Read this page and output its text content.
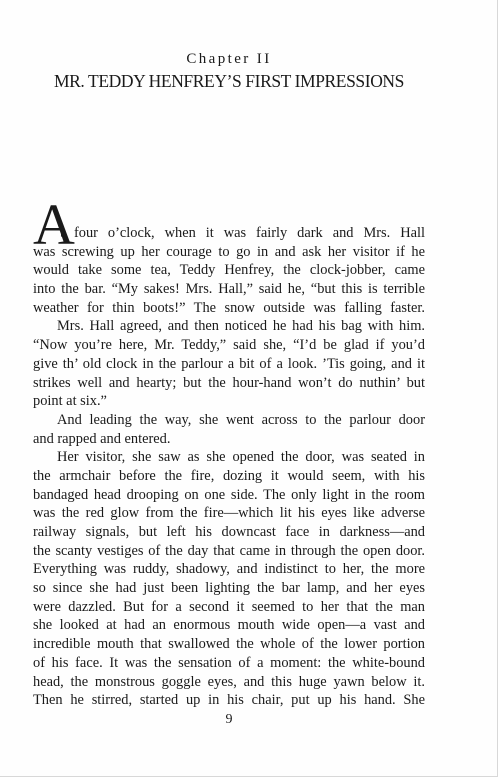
Chapter II
MR. TEDDY HENFREY’S FIRST IMPRESSIONS
A
t four o’clock, when it was fairly dark and Mrs. Hall
was screwing up her courage to go in and ask her visitor if he
would take some tea, Teddy Henfrey, the clock-jobber, came
into the bar. “My sakes! Mrs. Hall,” said he, “but this is terrible
weather for thin boots!” The snow outside was falling faster.
Mrs. Hall agreed, and then noticed he had his bag with him.
“Now you’re here, Mr. Teddy,” said she, “I’d be glad if you’d
give th’ old clock in the parlour a bit of a look. ’Tis going, and it
strikes well and hearty; but the hour-hand won’t do nuthin’ but
point at six.”
And leading the way, she went across to the parlour door
and rapped and entered.
Her visitor, she saw as she opened the door, was seated in
the armchair before the fire, dozing it would seem, with his
bandaged head drooping on one side. The only light in the room
was the red glow from the fire—which lit his eyes like adverse
railway signals, but left his downcast face in darkness—and
the scanty vestiges of the day that came in through the open door.
Everything was ruddy, shadowy, and indistinct to her, the more
so since she had just been lighting the bar lamp, and her eyes
were dazzled. But for a second it seemed to her that the man
she looked at had an enormous mouth wide open—a vast and
incredible mouth that swallowed the whole of the lower portion
of his face. It was the sensation of a moment: the white-bound
head, the monstrous goggle eyes, and this huge yawn below it.
Then he stirred, started up in his chair, put up his hand. She
9
